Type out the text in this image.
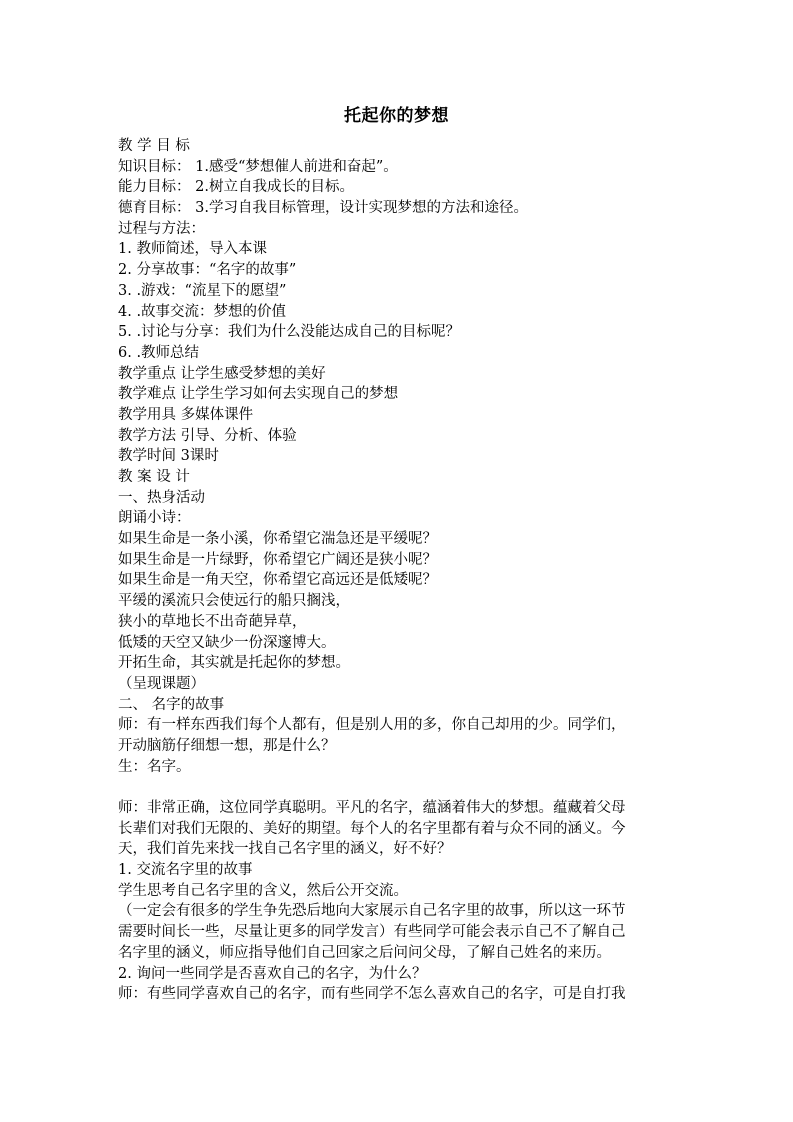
托起你的梦想
教 学 目 标
知识目标： 1.感受“梦想催人前进和奋起”。
能力目标： 2.树立自我成长的目标。
德育目标： 3.学习自我目标管理，设计实现梦想的方法和途径。
过程与方法：
1. 教师简述，导入本课
2. 分享故事：“名字的故事”
3. .游戏：“流星下的愿望”
4. .故事交流：梦想的价值
5. .讨论与分享：我们为什么没能达成自己的目标呢？
6. .教师总结
教学重点 让学生感受梦想的美好
教学难点 让学生学习如何去实现自己的梦想
教学用具 多媒体课件
教学方法 引导、分析、体验
教学时间 3课时
教 案 设 计
一、热身活动
朗诵小诗：
如果生命是一条小溪，你希望它湍急还是平缓呢？
如果生命是一片绿野，你希望它广阔还是狭小呢？
如果生命是一角天空，你希望它高远还是低矮呢？
平缓的溪流只会使远行的船只搁浅，
狭小的草地长不出奇葩异草，
低矮的天空又缺少一份深邃博大。
开拓生命，其实就是托起你的梦想。
（呈现课题）
二、 名字的故事
师：有一样东西我们每个人都有，但是别人用的多，你自己却用的少。同学们，
开动脑筋仔细想一想，那是什么？
生：名字。
师：非常正确，这位同学真聪明。平凡的名字，蕴涵着伟大的梦想。蕴藏着父母
长辈们对我们无限的、美好的期望。每个人的名字里都有着与众不同的涵义。今
天，我们首先来找一找自己名字里的涵义，好不好？
1. 交流名字里的故事
学生思考自己名字里的含义，然后公开交流。
（一定会有很多的学生争先恐后地向大家展示自己名字里的故事，所以这一环节
需要时间长一些，尽量让更多的同学发言）有些同学可能会表示自己不了解自己
名字里的涵义，师应指导他们自己回家之后问问父母，了解自己姓名的来历。
2. 询问一些同学是否喜欢自己的名字，为什么？
师：有些同学喜欢自己的名字，而有些同学不怎么喜欢自己的名字，可是自打我
